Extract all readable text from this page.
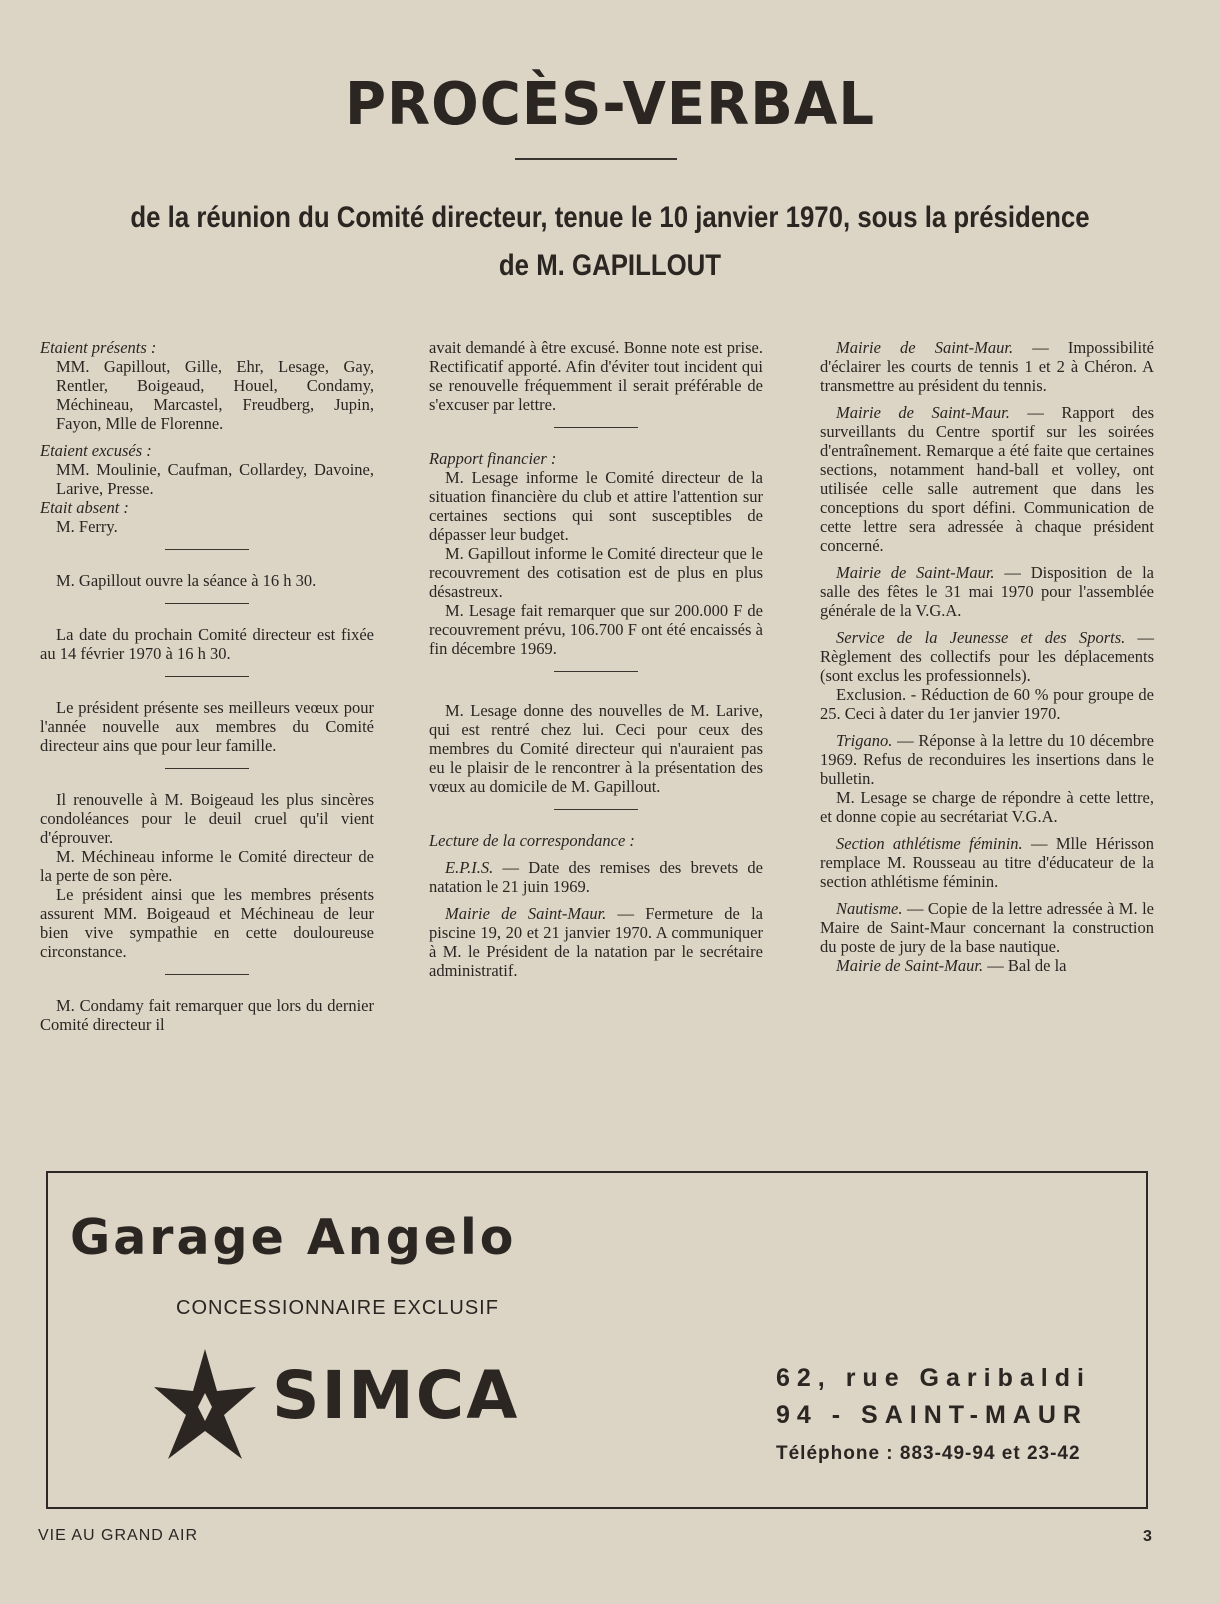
PROCÈS-VERBAL
de la réunion du Comité directeur, tenue le 10 janvier 1970, sous la présidence de M. GAPILLOUT

Etaient présents :

MM. Gapillout, Gille, Ehr, Lesage, Gay, Rentler, Boigeaud, Houel, Condamy, Méchineau, Marcastel, Freudberg, Jupin, Fayon, Mlle de Florenne.

Etaient excusés :

MM. Moulinie, Caufman, Collardey, Davoine, Larive, Presse.

Etait absent :

M. Ferry.

M. Gapillout ouvre la séance à 16 h 30.

La date du prochain Comité directeur est fixée au 14 février 1970 à 16 h 30.

Le président présente ses meilleurs veœux pour l'année nouvelle aux membres du Comité directeur ains que pour leur famille.

Il renouvelle à M. Boigeaud les plus sincères condoléances pour le deuil cruel qu'il vient d'éprouver.

M. Méchineau informe le Comité directeur de la perte de son père.

Le président ainsi que les membres présents assurent MM. Boigeaud et Méchineau de leur bien vive sympathie en cette douloureuse circonstance.

M. Condamy fait remarquer que lors du dernier Comité directeur il

avait demandé à être excusé. Bonne note est prise. Rectificatif apporté. Afin d'éviter tout incident qui se renouvelle fréquemment il serait préférable de s'excuser par lettre.

Rapport financier :

M. Lesage informe le Comité directeur de la situation financière du club et attire l'attention sur certaines sections qui sont susceptibles de dépasser leur budget.

M. Gapillout informe le Comité directeur que le recouvrement des cotisation est de plus en plus désastreux.

M. Lesage fait remarquer que sur 200.000 F de recouvrement prévu, 106.700 F ont été encaissés à fin décembre 1969.

M. Lesage donne des nouvelles de M. Larive, qui est rentré chez lui. Ceci pour ceux des membres du Comité directeur qui n'auraient pas eu le plaisir de le rencontrer à la présentation des vœux au domicile de M. Gapillout.

Lecture de la correspondance :

E.P.I.S. — Date des remises des brevets de natation le 21 juin 1969.

Mairie de Saint-Maur. — Fermeture de la piscine 19, 20 et 21 janvier 1970. A communiquer à M. le Président de la natation par le secrétaire administratif.

Mairie de Saint-Maur. — Impossibilité d'éclairer les courts de tennis 1 et 2 à Chéron. A transmettre au président du tennis.

Mairie de Saint-Maur. — Rapport des surveillants du Centre sportif sur les soirées d'entraînement. Remarque a été faite que certaines sections, notamment hand-ball et volley, ont utilisée celle salle autrement que dans les conceptions du sport défini. Communication de cette lettre sera adressée à chaque président concerné.

Mairie de Saint-Maur. — Disposition de la salle des fêtes le 31 mai 1970 pour l'assemblée générale de la V.G.A.

Service de la Jeunesse et des Sports. — Règlement des collectifs pour les déplacements (sont exclus les professionnels).

Exclusion. - Réduction de 60 % pour groupe de 25. Ceci à dater du 1er janvier 1970.

Trigano. — Réponse à la lettre du 10 décembre 1969. Refus de reconduires les insertions dans le bulletin.

M. Lesage se charge de répondre à cette lettre, et donne copie au secrétariat V.G.A.

Section athlétisme féminin. — Mlle Hérisson remplace M. Rousseau au titre d'éducateur de la section athlétisme féminin.

Nautisme. — Copie de la lettre adressée à M. le Maire de Saint-Maur concernant la construction du poste de jury de la base nautique.

Mairie de Saint-Maur. — Bal de la

Garage Angelo
CONCESSIONNAIRE EXCLUSIF
SIMCA	62, rue Garibaldi
94 - SAINT-MAUR
Téléphone : 883-49-94 et 23-42
VIE AU GRAND AIR	3
